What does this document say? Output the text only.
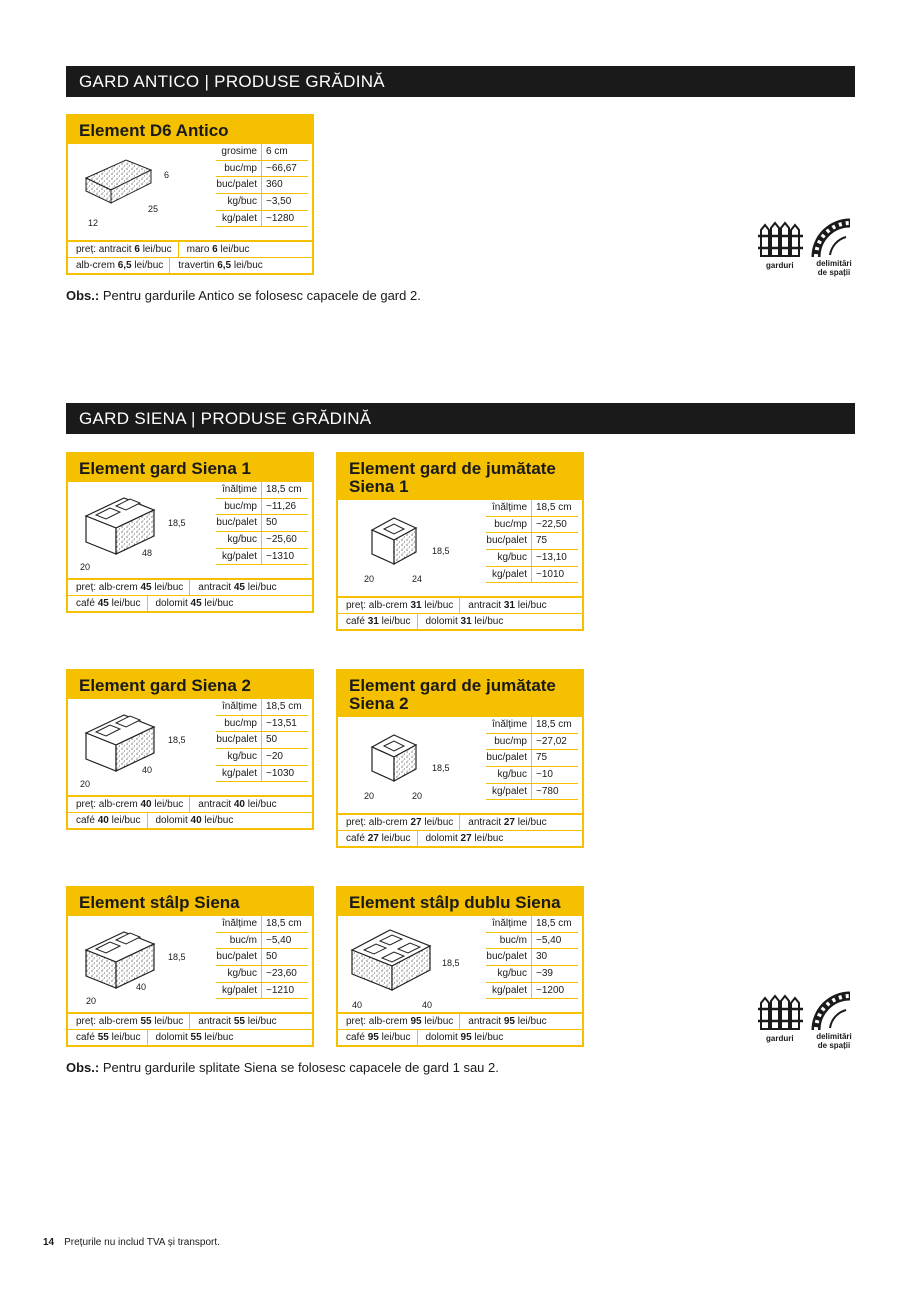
GARD ANTICO | PRODUSE GRĂDINĂ
GARD SIENA | PRODUSE GRĂDINĂ
Element D6 Antico
6
12
25
grosime 6 cm
buc/mp ~66,67
buc/palet 360
kg/buc ~3,50
kg/palet ~1280
preț: antracit 6 lei/buc	maro 6 lei/buc
alb-crem 6,5 lei/buc	travertin 6,5 lei/buc
Element gard Siena 1
18,5
20
48
înălțime 18,5 cm
buc/mp ~11,26
buc/palet 50
kg/buc ~25,60
kg/palet ~1310
preț: alb-crem 45 lei/buc	antracit 45 lei/buc
café 45 lei/buc	dolomit 45 lei/buc
Element gard de jumătate Siena 1
18,5
20	24
înălțime 18,5 cm
buc/mp ~22,50
buc/palet 75
kg/buc ~13,10
kg/palet ~1010
preț: alb-crem 31 lei/buc	antracit 31 lei/buc
café 31 lei/buc	dolomit 31 lei/buc
Element gard Siena 2
18,5
20
40
înălțime 18,5 cm
buc/mp ~13,51
buc/palet 50
kg/buc ~20
kg/palet ~1030
preț: alb-crem 40 lei/buc	antracit 40 lei/buc
café 40 lei/buc	dolomit 40 lei/buc
Element gard de jumătate Siena 2
18,5
20	20
înălțime 18,5 cm
buc/mp ~27,02
buc/palet 75
kg/buc ~10
kg/palet ~780
preț: alb-crem 27 lei/buc	antracit 27 lei/buc
café 27 lei/buc	dolomit 27 lei/buc
Element stâlp Siena
18,5
20
40
înălțime 18,5 cm
buc/m ~5,40
buc/palet 50
kg/buc ~23,60
kg/palet ~1210
preț: alb-crem 55 lei/buc	antracit 55 lei/buc
café 55 lei/buc	dolomit 55 lei/buc
Element stâlp dublu Siena
18,5
40	40
înălțime 18,5 cm
buc/m ~5,40
buc/palet 30
kg/buc ~39
kg/palet ~1200
preț: alb-crem 95 lei/buc	antracit 95 lei/buc
café 95 lei/buc	dolomit 95 lei/buc
Obs.: Pentru gardurile Antico se folosesc capacele de gard 2.
Obs.: Pentru gardurile splitate Siena se folosesc capacele de gard 1 sau 2.
garduri	delimitări
de spații
garduri	delimitări
de spații
14 Prețurile nu includ TVA și transport.
